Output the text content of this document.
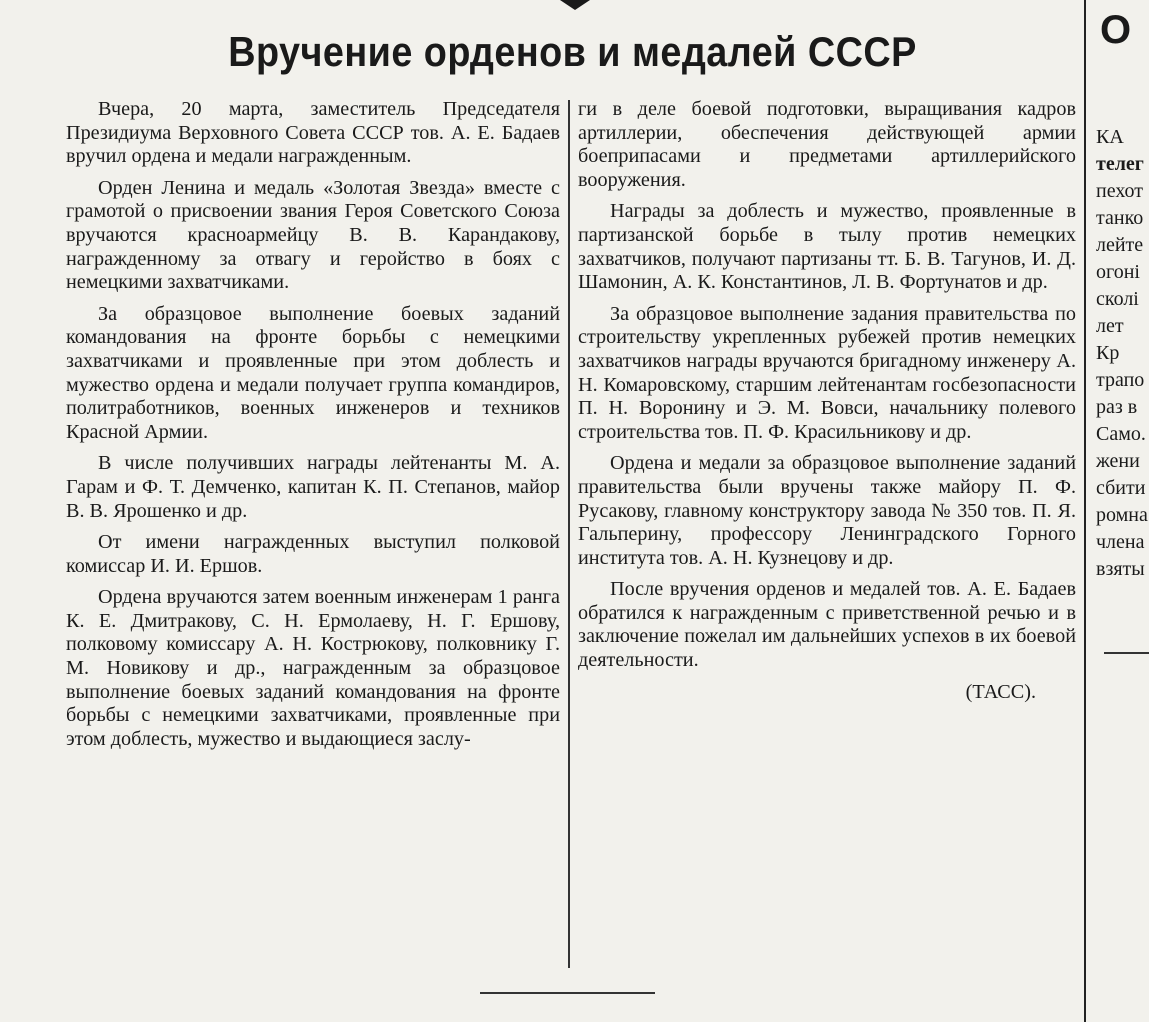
Вручение орденов и медалей СССР

Вчера, 20 марта, заместитель Председателя Президиума Верховного Совета СССР тов. А. Е. Бадаев вручил ордена и медали награжденным.

Орден Ленина и медаль «Золотая Звезда» вместе с грамотой о присвоении звания Героя Советского Союза вручаются красноармейцу В. В. Карандакову, награжденному за отвагу и геройство в боях с немецкими захватчиками.

За образцовое выполнение боевых заданий командования на фронте борьбы с немецкими захватчиками и проявленные при этом доблесть и мужество ордена и медали получает группа командиров, политработников, военных инженеров и техников Красной Армии.

В числе получивших награды лейтенанты М. А. Гарам и Ф. Т. Демченко, капитан К. П. Степанов, майор В. В. Ярошенко и др.

От имени награжденных выступил полковой комиссар И. И. Ершов.

Ордена вручаются затем военным инженерам 1 ранга К. Е. Дмитракову, С. Н. Ермолаеву, Н. Г. Ершову, полковому комиссару А. Н. Кострюкову, полковнику Г. М. Новикову и др., награжденным за образцовое выполнение боевых заданий командования на фронте борьбы с немецкими захватчиками, проявленные при этом доблесть, мужество и выдающиеся заслу-

ги в деле боевой подготовки, выращивания кадров артиллерии, обеспечения действующей армии боеприпасами и предметами артиллерийского вооружения.

Награды за доблесть и мужество, проявленные в партизанской борьбе в тылу против немецких захватчиков, получают партизаны тт. Б. В. Тагунов, И. Д. Шамонин, А. К. Константинов, Л. В. Фортунатов и др.

За образцовое выполнение задания правительства по строительству укрепленных рубежей против немецких захватчиков награды вручаются бригадному инженеру А. Н. Комаровскому, старшим лейтенантам госбезопасности П. Н. Воронину и Э. М. Вовси, начальнику полевого строительства тов. П. Ф. Красильникову и др.

Ордена и медали за образцовое выполнение заданий правительства были вручены также майору П. Ф. Русакову, главному конструктору завода № 350 тов. П. Я. Гальперину, профессору Ленинградского Горного института тов. А. Н. Кузнецову и др.

После вручения орденов и медалей тов. А. Е. Бадаев обратился к награжденным с приветственной речью и в заключение пожелал им дальнейших успехов в их боевой деятельности.

(ТАСС).

О
КА
телег
пехот
танко
лейте
огоні
сколі
лет
Кр
трапо
раз в
Само.
жени
сбити
ромна
члена
взяты
